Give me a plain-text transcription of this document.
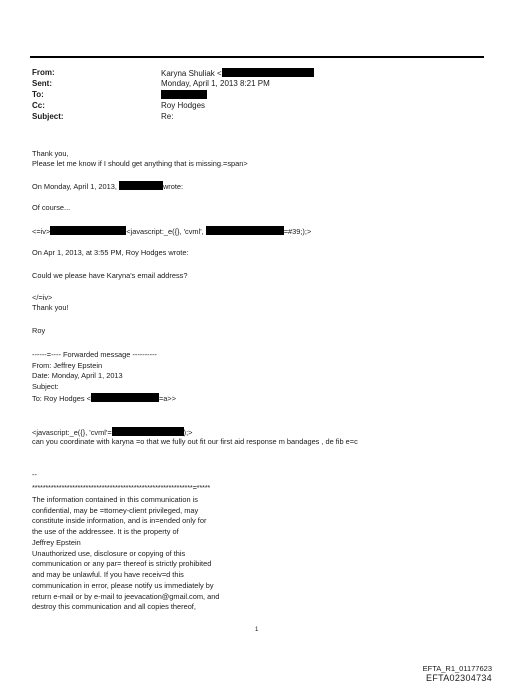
From:	Karyna Shuliak <
Sent:	Monday, April 1, 2013 8:21 PM
To:
Cc:	Roy Hodges
Subject:	Re:
Thank you,
Please let me know if I should get anything that is missing.=span>
On Monday, April 1, 2013,	wrote:
Of course...
<=iv>	<javascript:_e({}, 'cvml',	=#39;);>
On Apr 1, 2013, at 3:55 PM, Roy Hodges wrote:
Could we please have Karyna's email address?
</=iv>
Thank you!
Roy
------=---- Forwarded message ----------
From: Jeffrey Epstein
Date: Monday, April 1, 2013
Subject:
To: Roy Hodges <	=a>>
<javascript:_e({}, 'cvml'=	);>
can you coordinate with karyna =o that we fully out fit our first aid response m bandages , de fib e=c
--
************************************************************=*****
The information contained in this communication is
confidential, may be =ttorney-client privileged, may
constitute inside information, and is in=ended only for
the use of the addressee. It is the property of
Jeffrey Epstein
Unauthorized use, disclosure or copying of this
communication or any par= thereof is strictly prohibited
and may be unlawful. If you have receiv=d this
communication in error, please notify us immediately by
return e-mail or by e-mail to jeevacation@gmail.com, and
destroy this communication and all copies thereof,
1
EFTA_R1_01177623
EFTA02304734
